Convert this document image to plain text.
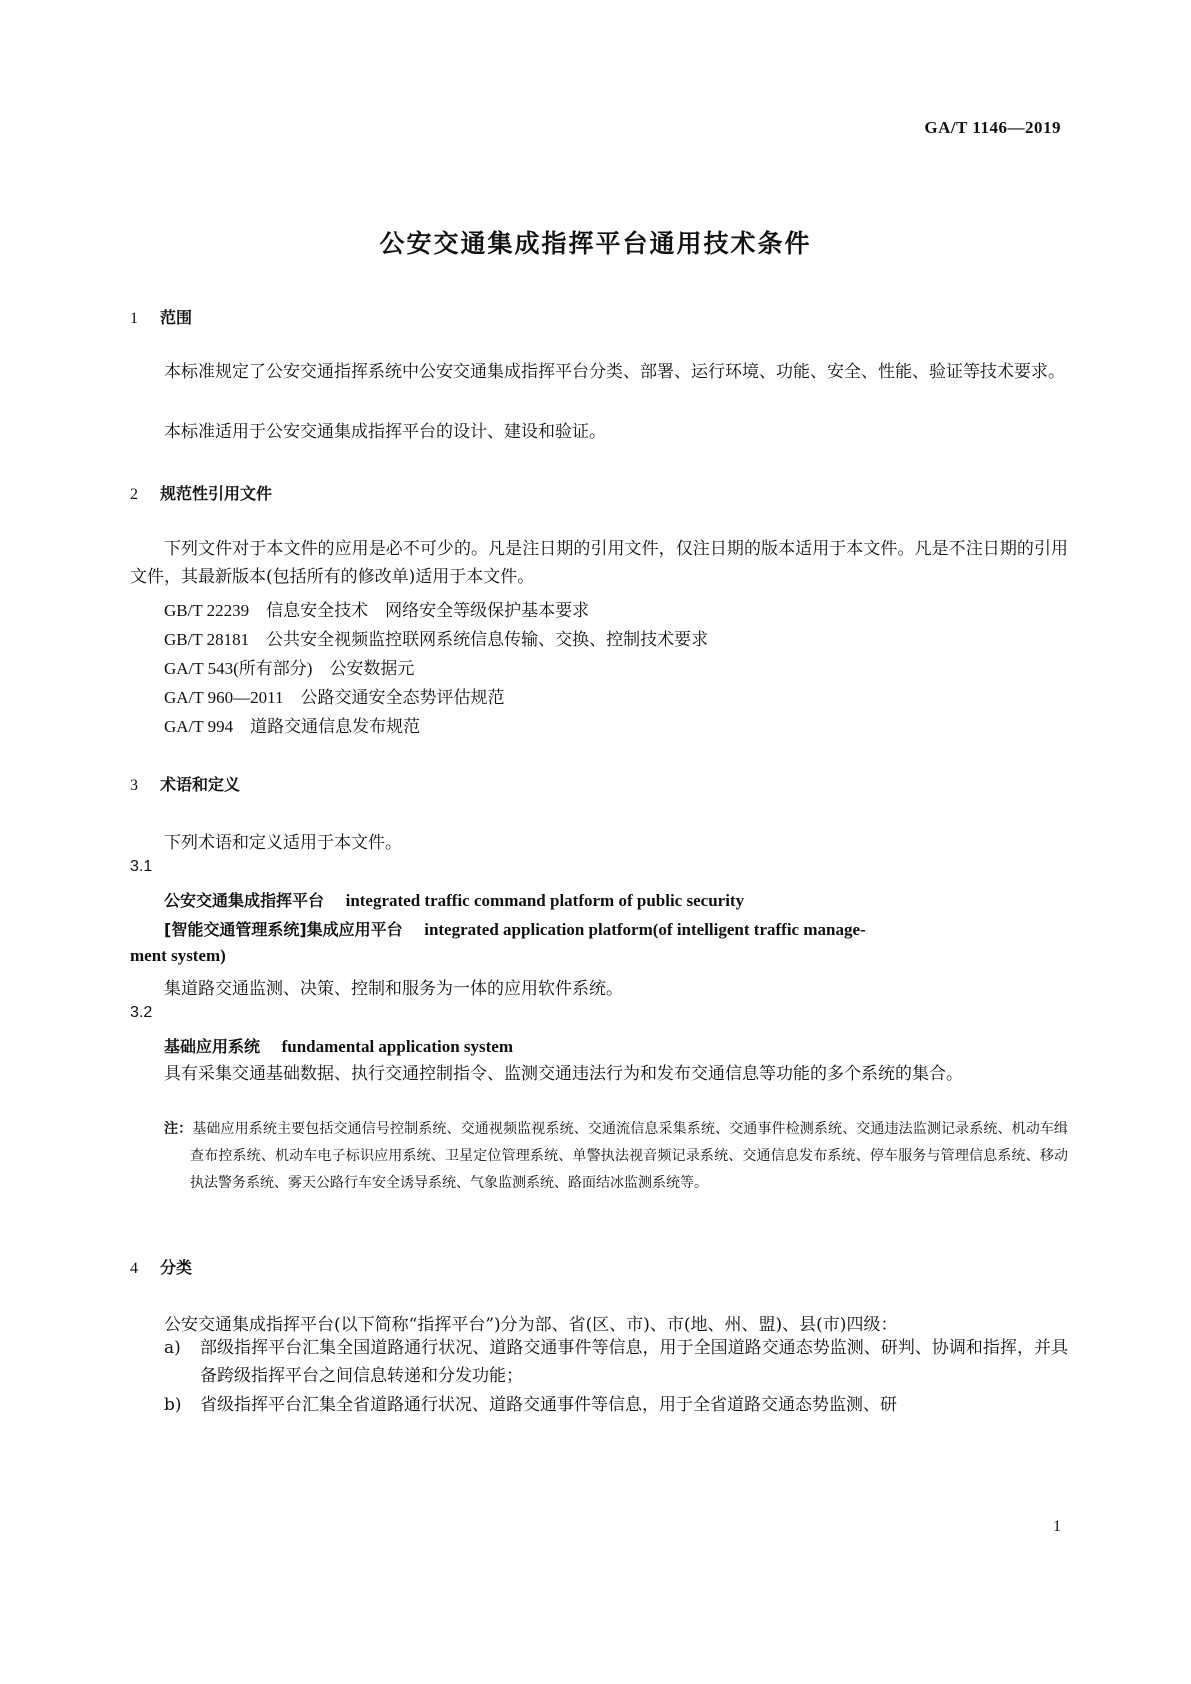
GA/T 1146—2019
公安交通集成指挥平台通用技术条件
1 范围
本标准规定了公安交通指挥系统中公安交通集成指挥平台分类、部署、运行环境、功能、安全、性能、验证等技术要求。
本标准适用于公安交通集成指挥平台的设计、建设和验证。
2 规范性引用文件
下列文件对于本文件的应用是必不可少的。凡是注日期的引用文件，仅注日期的版本适用于本文件。凡是不注日期的引用文件，其最新版本(包括所有的修改单)适用于本文件。
GB/T 22239　 信息安全技术　网络安全等级保护基本要求
GB/T 28181　 公共安全视频监控联网系统信息传输、交换、控制技术要求
GA/T 543(所有部分)　 公安数据元
GA/T 960—2011　 公路交通安全态势评估规范
GA/T 994　 道路交通信息发布规范
3 术语和定义
下列术语和定义适用于本文件。
3.1
公安交通集成指挥平台　 integrated traffic command platform of public security
[智能交通管理系统]集成应用平台　 integrated application platform(of intelligent traffic manage-
ment system)
集道路交通监测、决策、控制和服务为一体的应用软件系统。
3.2
基础应用系统　 fundamental application system
具有采集交通基础数据、执行交通控制指令、监测交通违法行为和发布交通信息等功能的多个系统的集合。
注：基础应用系统主要包括交通信号控制系统、交通视频监视系统、交通流信息采集系统、交通事件检测系统、交通违法监测记录系统、机动车缉查布控系统、机动车电子标识应用系统、卫星定位管理系统、单警执法视音频记录系统、交通信息发布系统、停车服务与管理信息系统、移动执法警务系统、雾天公路行车安全诱导系统、气象监测系统、路面结冰监测系统等。
4 分类
公安交通集成指挥平台(以下简称“指挥平台”)分为部、省(区、市)、市(地、州、盟)、县(市)四级：
a) 部级指挥平台汇集全国道路通行状况、道路交通事件等信息，用于全国道路交通态势监测、研判、协调和指挥，并具备跨级指挥平台之间信息转递和分发功能；
b) 省级指挥平台汇集全省道路通行状况、道路交通事件等信息，用于全省道路交通态势监测、研
1
